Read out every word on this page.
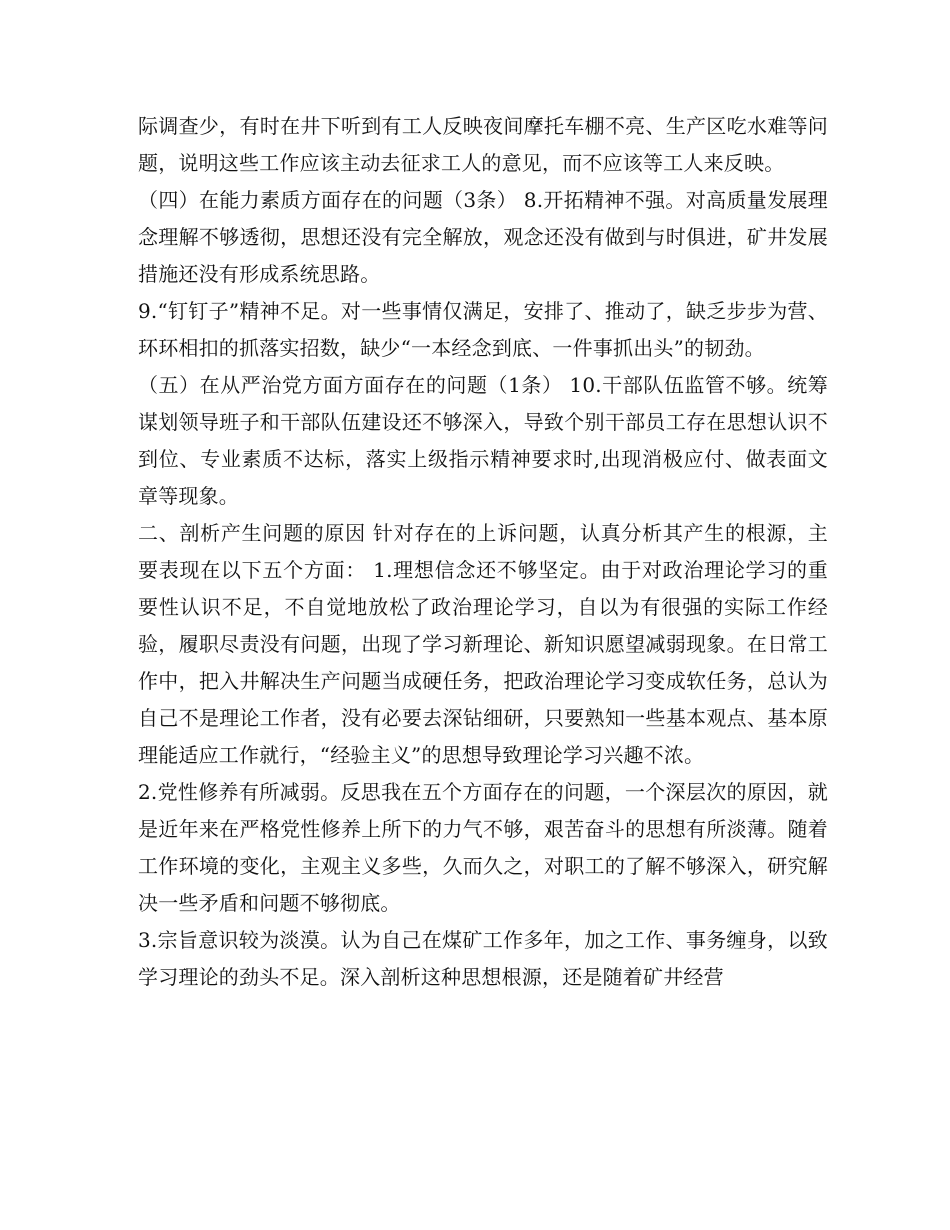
际调查少，有时在井下听到有工人反映夜间摩托车棚不亮、生产区吃水难等问题，说明这些工作应该主动去征求工人的意见，而不应该等工人来反映。

（四）在能力素质方面存在的问题（3条） 8.开拓精神不强。对高质量发展理念理解不够透彻，思想还没有完全解放，观念还没有做到与时俱进，矿井发展措施还没有形成系统思路。

9.“钉钉子”精神不足。对一些事情仅满足，安排了、推动了，缺乏步步为营、环环相扣的抓落实招数，缺少“一本经念到底、一件事抓出头”的韧劲。

（五）在从严治党方面方面存在的问题（1条） 10.干部队伍监管不够。统筹谋划领导班子和干部队伍建设还不够深入，导致个别干部员工存在思想认识不到位、专业素质不达标，落实上级指示精神要求时,出现消极应付、做表面文章等现象。

二、剖析产生问题的原因 针对存在的上诉问题，认真分析其产生的根源，主要表现在以下五个方面： 1.理想信念还不够坚定。由于对政治理论学习的重要性认识不足，不自觉地放松了政治理论学习，自以为有很强的实际工作经验，履职尽责没有问题，出现了学习新理论、新知识愿望减弱现象。在日常工作中，把入井解决生产问题当成硬任务，把政治理论学习变成软任务，总认为自己不是理论工作者，没有必要去深钻细研，只要熟知一些基本观点、基本原理能适应工作就行，“经验主义”的思想导致理论学习兴趣不浓。

2.党性修养有所减弱。反思我在五个方面存在的问题，一个深层次的原因，就是近年来在严格党性修养上所下的力气不够，艰苦奋斗的思想有所淡薄。随着工作环境的变化，主观主义多些，久而久之，对职工的了解不够深入，研究解决一些矛盾和问题不够彻底。

3.宗旨意识较为淡漠。认为自己在煤矿工作多年，加之工作、事务缠身，以致学习理论的劲头不足。深入剖析这种思想根源，还是随着矿井经营
